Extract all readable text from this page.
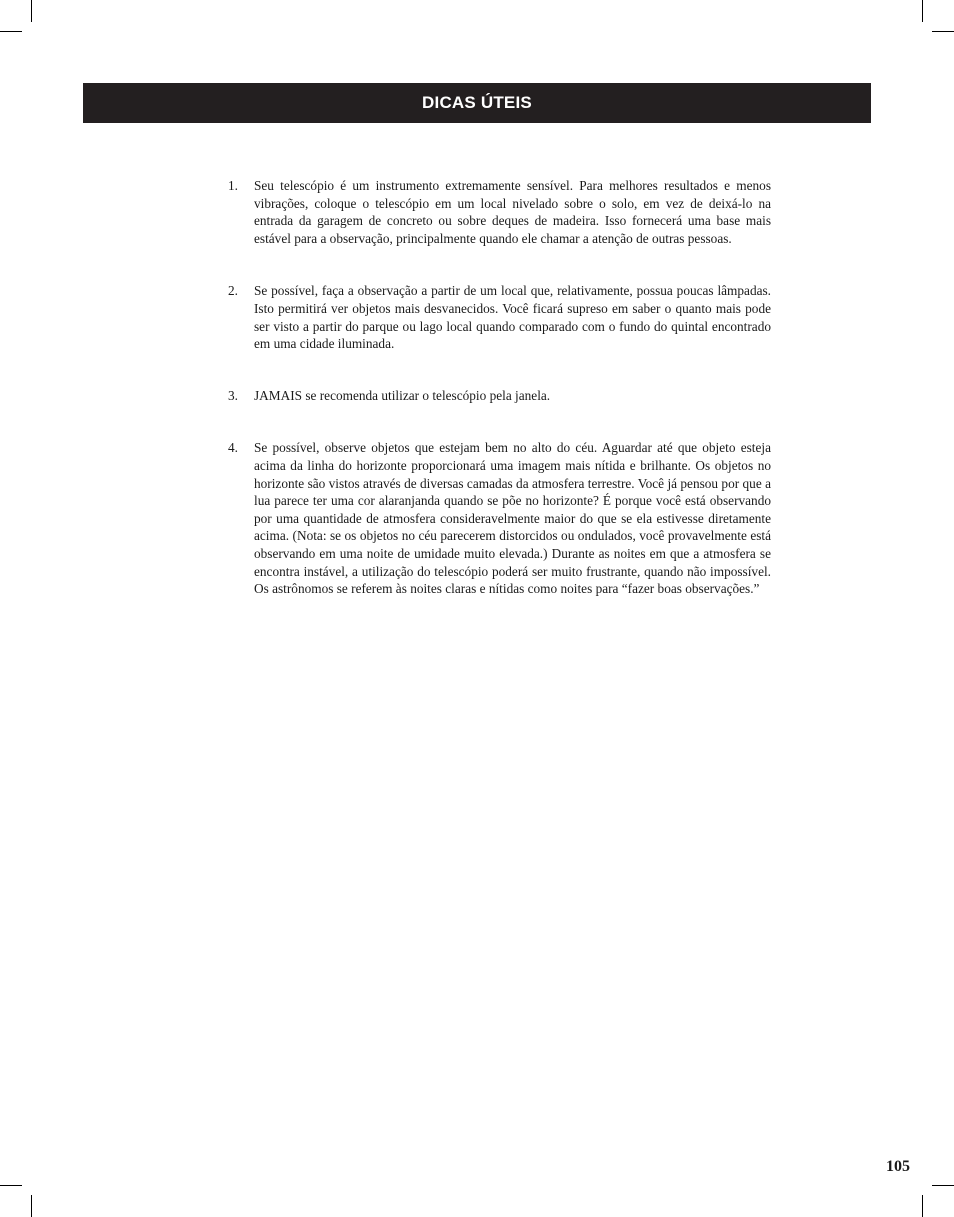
DICAS ÚTEIS
1.	Seu telescópio é um instrumento extremamente sensível. Para melhores resultados e menos vibrações, coloque o telescópio em um local nivelado sobre o solo, em vez de deixá-lo na entrada da garagem de concreto ou sobre deques de madeira. Isso fornecerá uma base mais estável para a observação, principalmente quando ele chamar a atenção de outras pessoas.
2.	Se possível, faça a observação a partir de um local que, relativamente, possua poucas lâmpadas. Isto permitirá ver objetos mais desvanecidos. Você ficará supreso em saber o quanto mais pode ser visto a partir do parque ou lago local quando comparado com o fundo do quintal encontrado em uma cidade iluminada.
3.	JAMAIS se recomenda utilizar o telescópio pela janela.
4.	Se possível, observe objetos que estejam bem no alto do céu. Aguardar até que objeto esteja acima da linha do horizonte proporcionará uma imagem mais nítida e brilhante. Os objetos no horizonte são vistos através de diversas camadas da atmosfera terrestre. Você já pensou por que a lua parece ter uma cor alaranjanda quando se põe no horizonte? É porque você está observando por uma quantidade de atmosfera consideravelmente maior do que se ela estivesse diretamente acima. (Nota: se os objetos no céu parecerem distorcidos ou ondulados, você provavelmente está observando em uma noite de umidade muito elevada.) Durante as noites em que a atmosfera se encontra instável, a utilização do telescópio poderá ser muito frustrante, quando não impossível. Os astrônomos se referem às noites claras e nítidas como noites para “fazer boas observações.”
105
